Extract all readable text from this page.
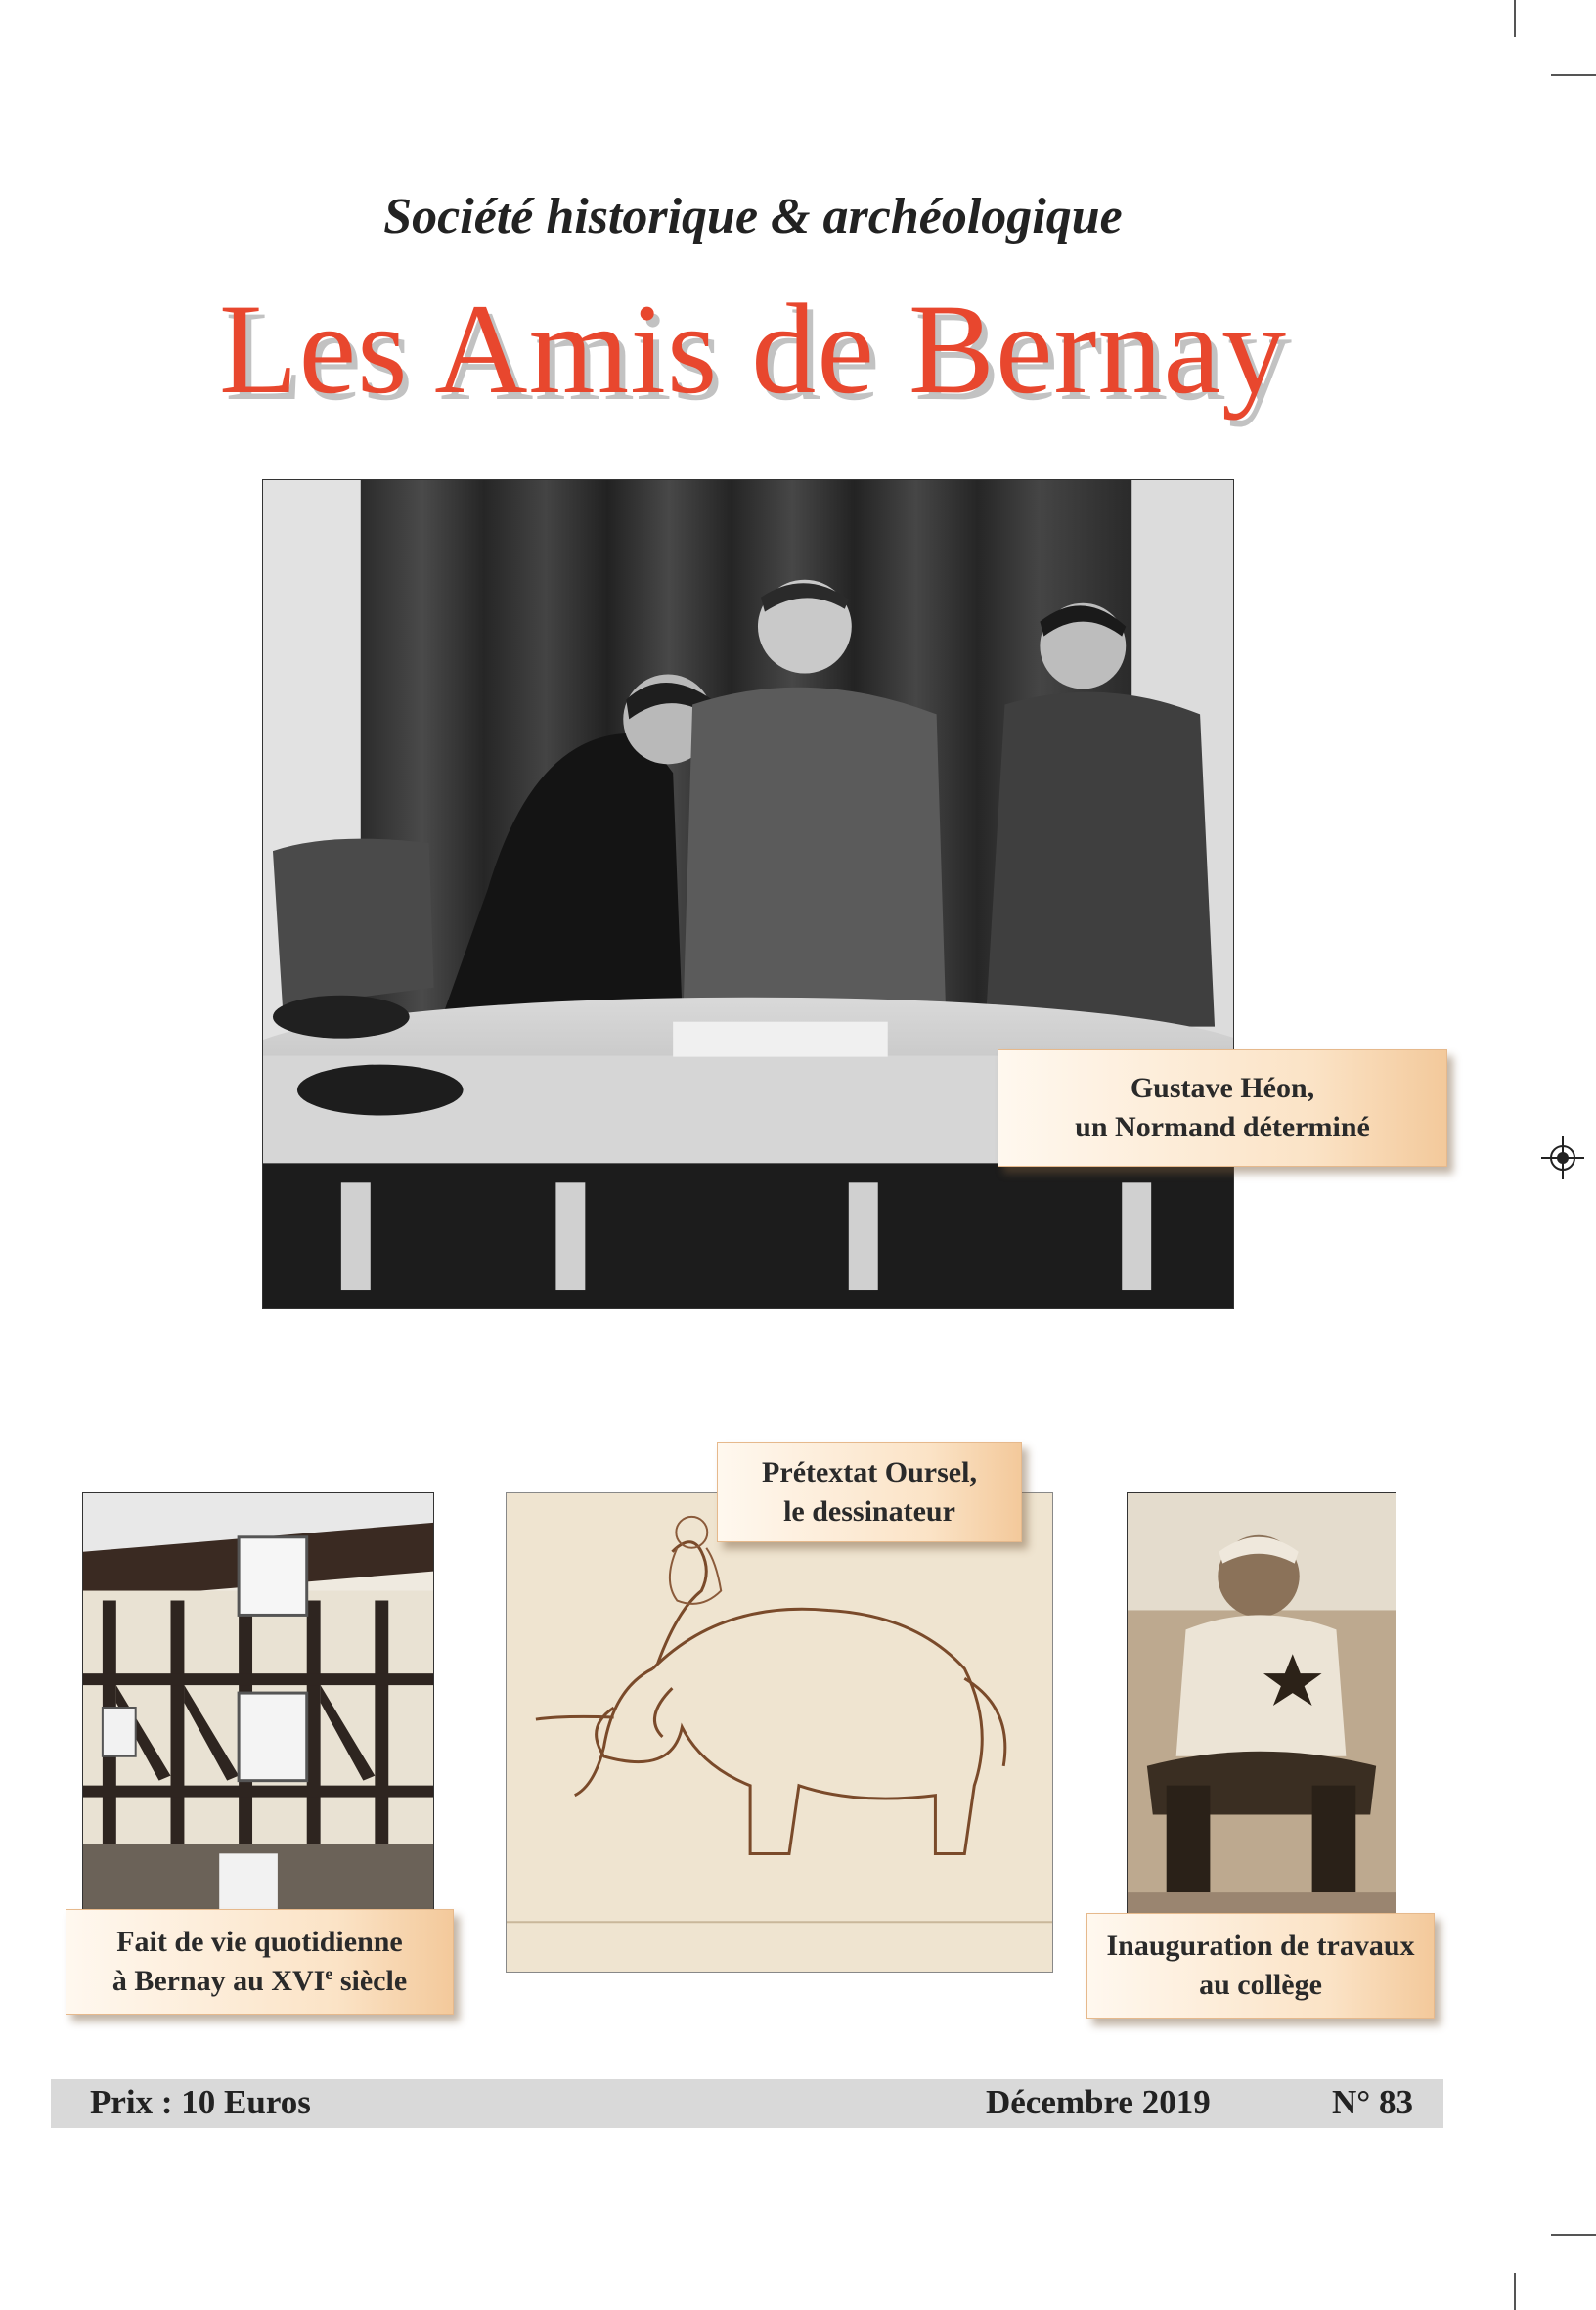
Société historique & archéologique
Les Amis de Bernay
Gustave Héon,
un Normand déterminé
Fait de vie quotidienne
à Bernay au XVIe siècle
Prétextat Oursel,
le dessinateur
Inauguration de travaux
au collège
Prix : 10 Euros	Décembre 2019	N° 83
